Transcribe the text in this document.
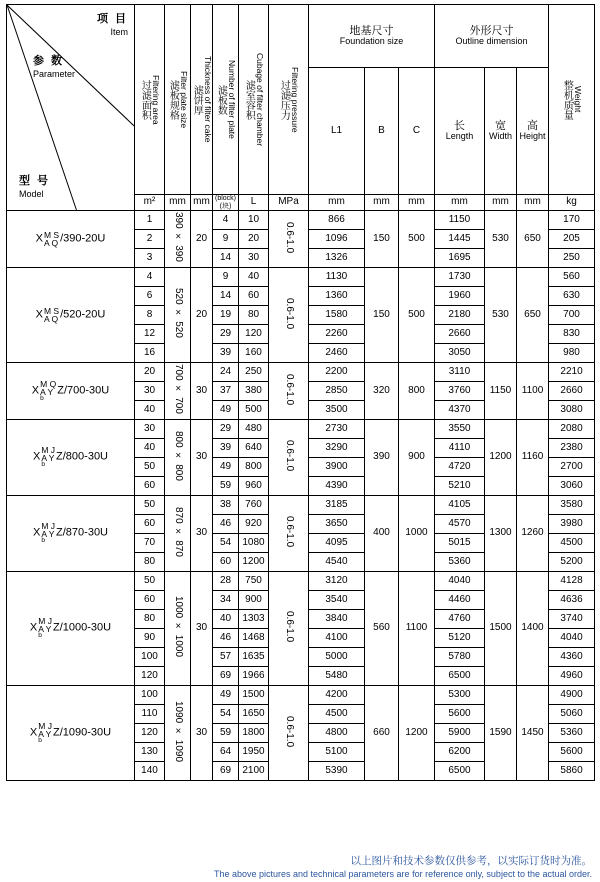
项 目
Item
参 数
Parameter
型 号
Model

过滤面积 Filtering area	滤板规格 Filter plate size	滤饼厚 Thickness of filter cake	滤板数 Number of filter plate	滤室容积 Cubage of filter chamber	过滤压力 Filtering pressure

地基尺寸
Foundation size

外形尺寸
Outline dimension

整机质量 Weight

							L1	B	C	长
Length	宽
Width	高
Height	

	m²	mm	mm	(block)(块)	L	MPa	mm	mm	mm	mm	mm	mm	kg
X M S
A Q /390-20U	1	390 × 390	20	4	10	0.6-1.0	866	150	500	1150	530	650	170
	2			9	20		1096			1445			205
	3			14	30		1326			1695			250
X M S
A Q /520-20U	4	520 × 520	20	9	40	0.6-1.0	1130	150	500	1730	530	650	560
	6			14	60		1360			1960			630
	8			19	80		1580			2180			700
	12			29	120		2260			2660			830
	16			39	160		2460			3050			980
X
M Q
A Y
b
Z/700-30U	20	700 × 700	30	24	250	0.6-1.0	2200	320	800	3110	1150	1100	2210
	30			37	380		2850			3760			2660
	40			49	500		3500			4370			3080
X
M J
A Y
b
Z/800-30U	30	800 × 800	30	29	480	0.6-1.0	2730	390	900	3550	1200	1160	2080
	40			39	640		3290			4110			2380
	50			49	800		3900			4720			2700
	60			59	960		4390			5210			3060
X
M J
A Y
b
Z/870-30U	50	870 × 870	30	38	760	0.6-1.0	3185	400	1000	4105	1300	1260	3580
	60			46	920		3650			4570			3980
	70			54	1080		4095			5015			4500
	80			60	1200		4540			5360			5200
X
M J
A Y
b
Z/1000-30U	50	1000 × 1000	30	28	750	0.6-1.0	3120	560	1100	4040	1500	1400	4128
	60			34	900		3540			4460			4636
	80			40	1303		3840			4760			3740
	90			46	1468		4100			5120			4040
	100			57	1635		5000			5780			4360
	120			69	1966		5480			6500			4960
X
M J
A Y
b
Z/1090-30U	100	1090 × 1090	30	49	1500	0.6-1.0	4200	660	1200	5300	1590	1450	4900
	110			54	1650		4500			5600			5060
	120			59	1800		4800			5900			5360
	130			64	1950		5100			6200			5600
	140			69	2100		5390			6500			5860
以上图片和技术参数仅供参考，以实际订货时为准。
The above pictures and technical parameters are for reference only, subject to the actual order.
